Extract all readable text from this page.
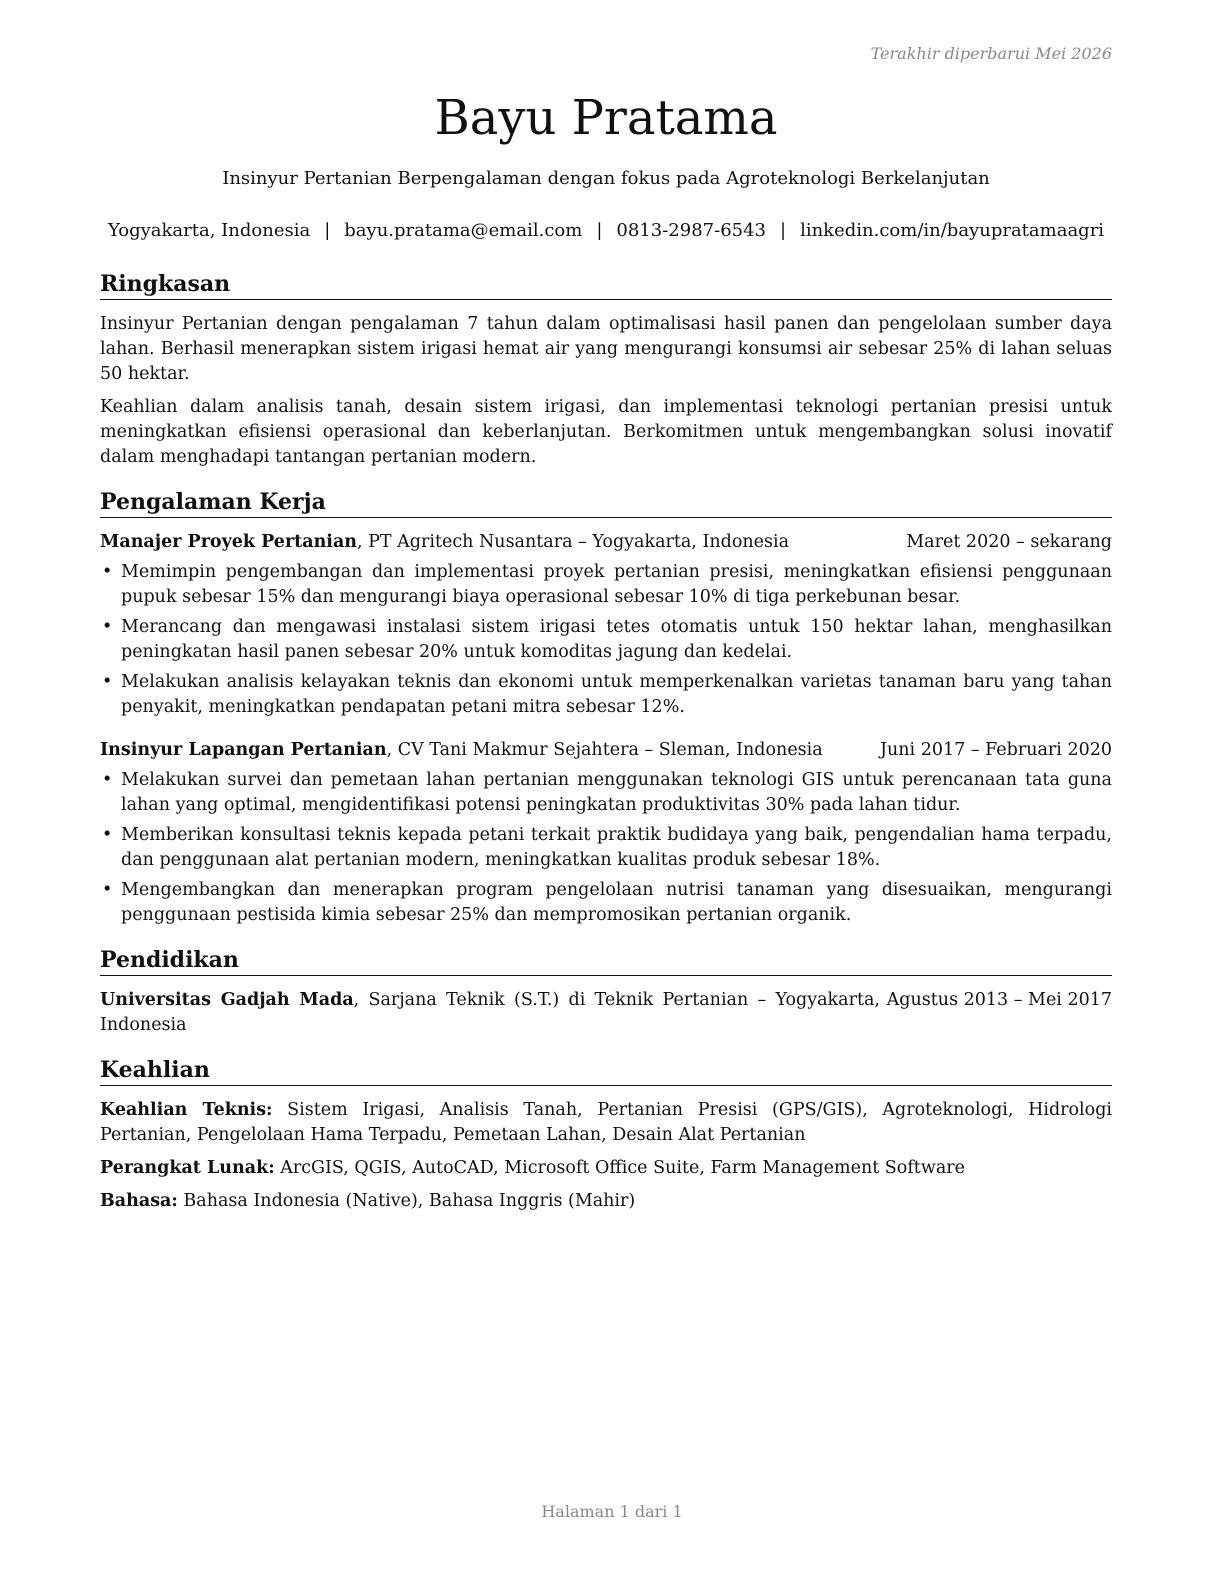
Terakhir diperbarui Mei 2026
Bayu Pratama
Insinyur Pertanian Berpengalaman dengan fokus pada Agroteknologi Berkelanjutan
Yogyakarta, Indonesia | bayu.pratama@email.com | 0813-2987-6543 | linkedin.com/in/bayupratamaagri
Ringkasan

Insinyur Pertanian dengan pengalaman 7 tahun dalam optimalisasi hasil panen dan pengelolaan sumber daya lahan. Berhasil menerapkan sistem irigasi hemat air yang mengurangi konsumsi air sebesar 25% di lahan seluas 50 hektar.

Keahlian dalam analisis tanah, desain sistem irigasi, dan implementasi teknologi pertanian presisi untuk meningkatkan efisiensi operasional dan keberlanjutan. Berkomitmen untuk mengembangkan solusi inovatif dalam menghadapi tantangan pertanian modern.

Pengalaman Kerja
Manajer Proyek Pertanian, PT Agritech Nusantara – Yogyakarta, Indonesia	Maret 2020 – sekarang
• Memimpin pengembangan dan implementasi proyek pertanian presisi, meningkatkan efisiensi penggunaan pupuk sebesar 15% dan mengurangi biaya operasional sebesar 10% di tiga perkebunan besar.
• Merancang dan mengawasi instalasi sistem irigasi tetes otomatis untuk 150 hektar lahan, menghasilkan peningkatan hasil panen sebesar 20% untuk komoditas jagung dan kedelai.
• Melakukan analisis kelayakan teknis dan ekonomi untuk memperkenalkan varietas tanaman baru yang tahan penyakit, meningkatkan pendapatan petani mitra sebesar 12%.
Insinyur Lapangan Pertanian, CV Tani Makmur Sejahtera – Sleman, Indonesia	Juni 2017 – Februari 2020
• Melakukan survei dan pemetaan lahan pertanian menggunakan teknologi GIS untuk perencanaan tata guna lahan yang optimal, mengidentifikasi potensi peningkatan produktivitas 30% pada lahan tidur.
• Memberikan konsultasi teknis kepada petani terkait praktik budidaya yang baik, pengendalian hama terpadu, dan penggunaan alat pertanian modern, meningkatkan kualitas produk sebesar 18%.
• Mengembangkan dan menerapkan program pengelolaan nutrisi tanaman yang disesuaikan, mengurangi penggunaan pestisida kimia sebesar 25% dan mempromosikan pertanian organik.
Pendidikan
Universitas Gadjah Mada, Sarjana Teknik (S.T.) di Teknik Pertanian – Yogyakarta, Indonesia
Agustus 2013 – Mei 2017
Keahlian
Keahlian Teknis: Sistem Irigasi, Analisis Tanah, Pertanian Presisi (GPS/GIS), Agroteknologi, Hidrologi Pertanian, Pengelolaan Hama Terpadu, Pemetaan Lahan, Desain Alat Pertanian
Perangkat Lunak: ArcGIS, QGIS, AutoCAD, Microsoft Office Suite, Farm Management Software
Bahasa: Bahasa Indonesia (Native), Bahasa Inggris (Mahir)
Halaman 1 dari 1
